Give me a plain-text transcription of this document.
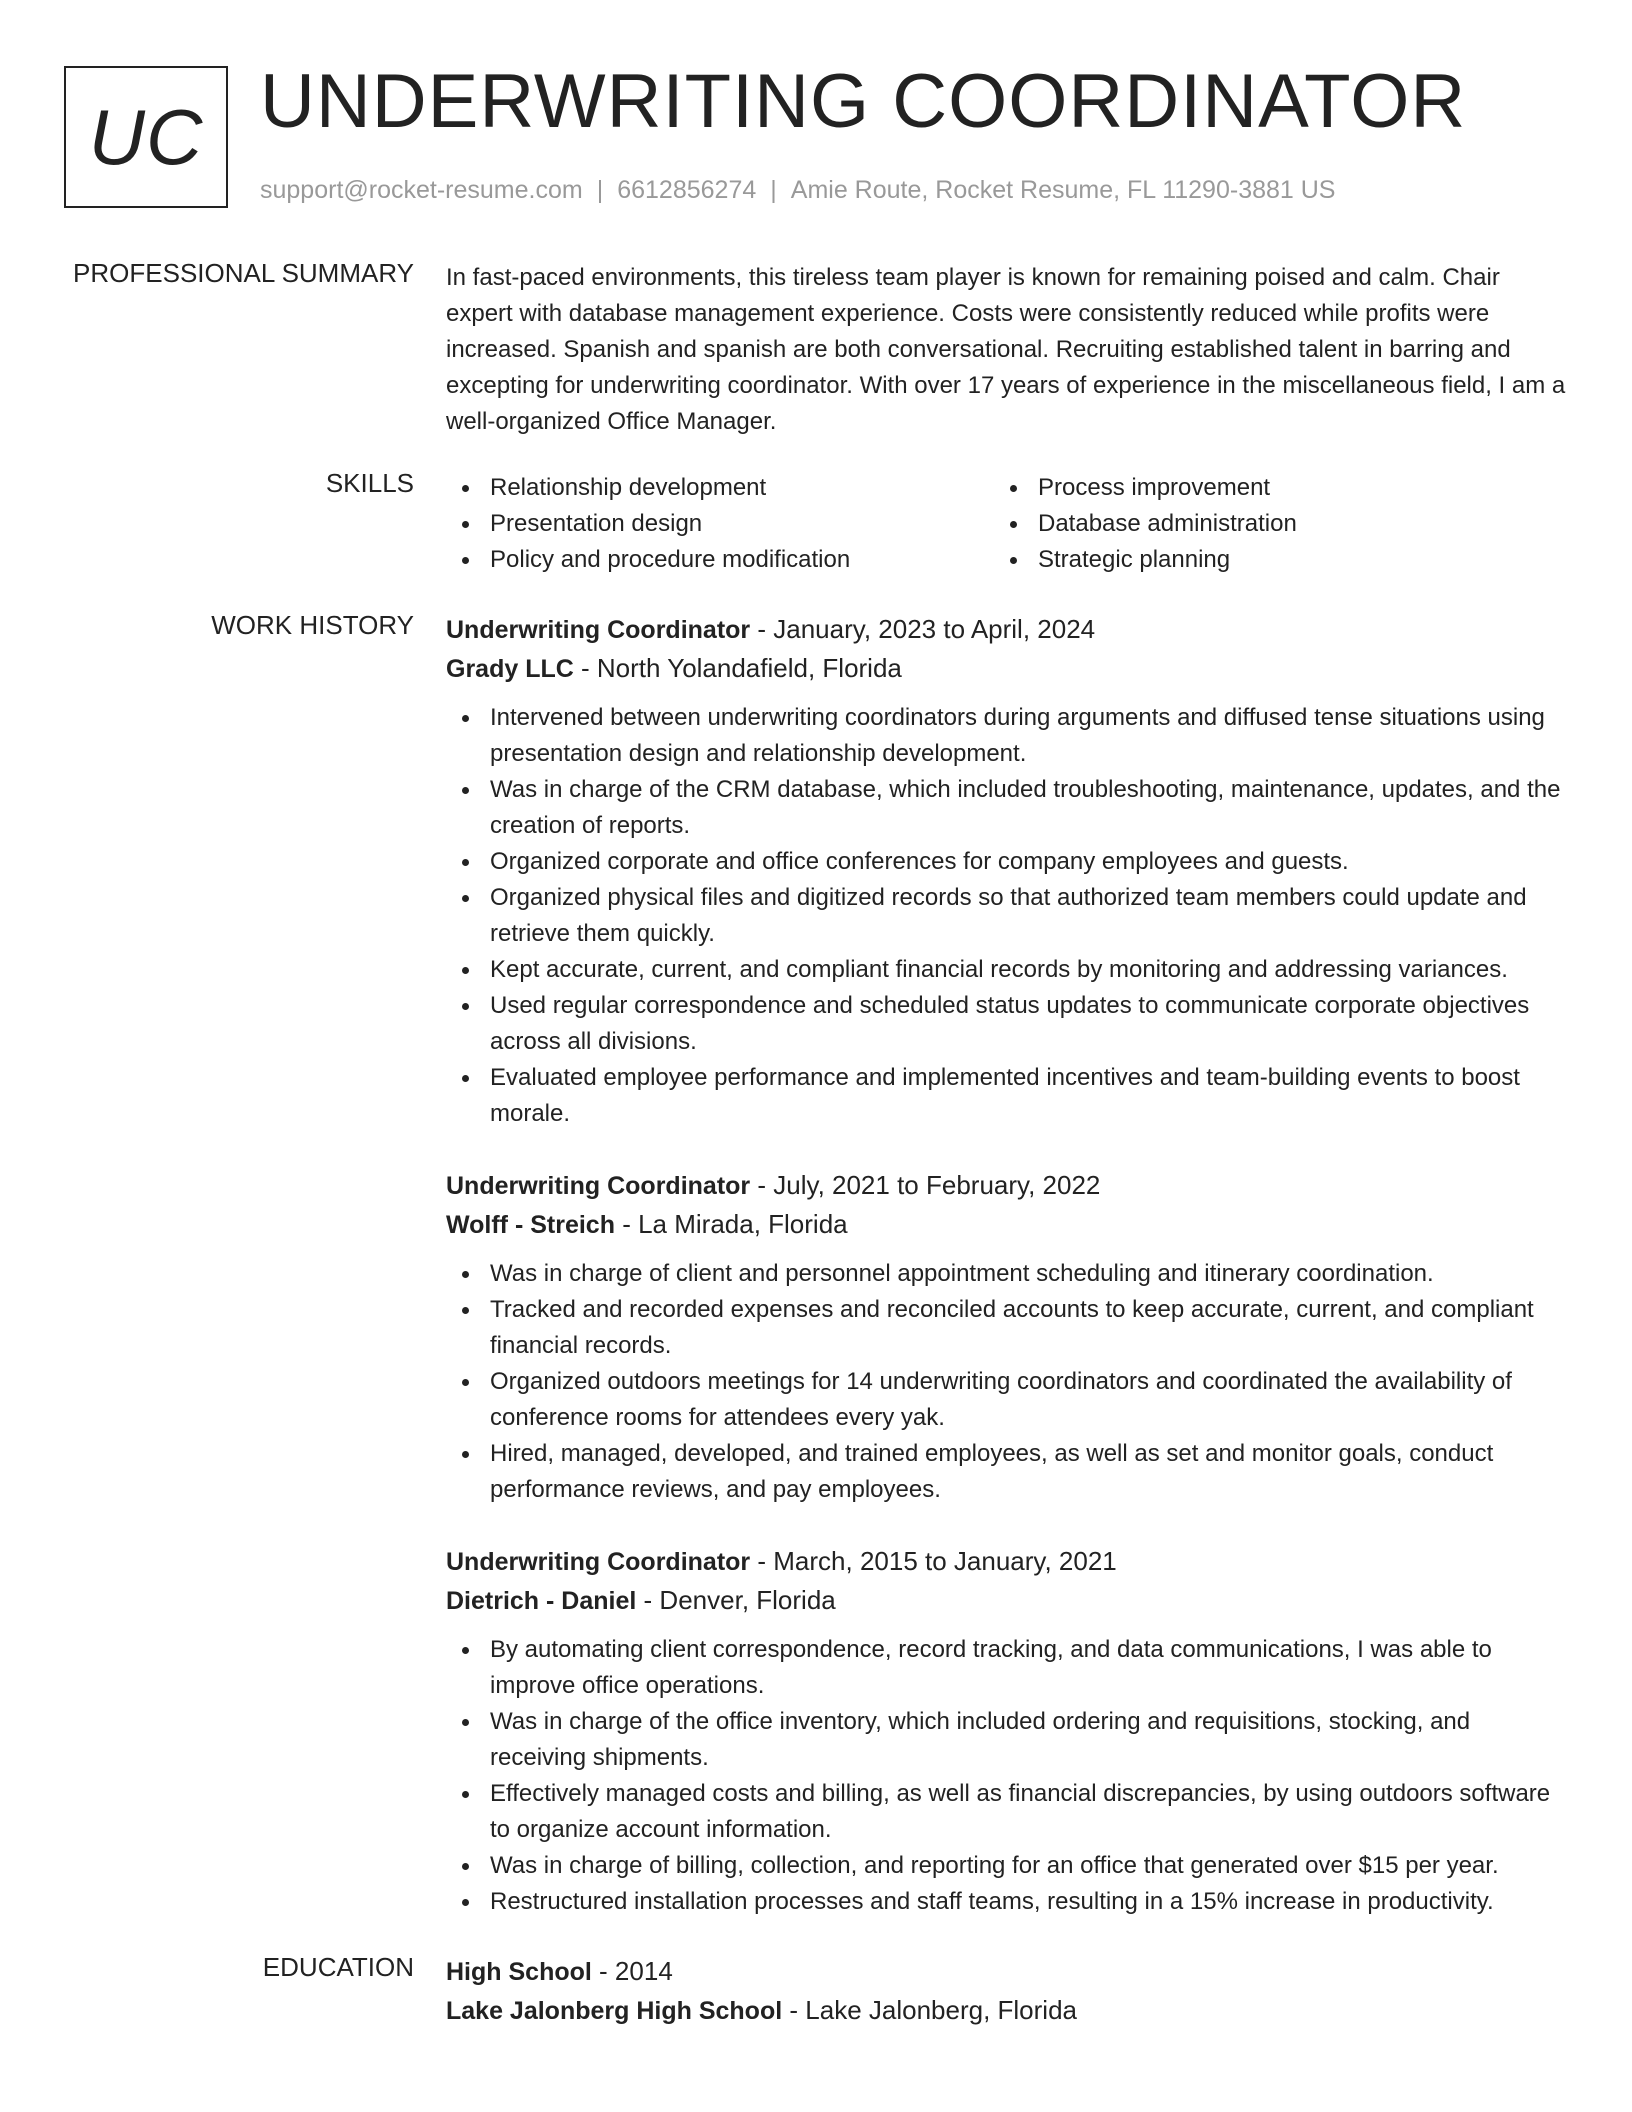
UC UNDERWRITING COORDINATOR
support@rocket-resume.com | 6612856274 | Amie Route, Rocket Resume, FL 11290-3881 US
PROFESSIONAL SUMMARY In fast-paced environments, this tireless team player is known for remaining poised and calm. Chair expert with database management experience. Costs were consistently reduced while profits were increased. Spanish and spanish are both conversational. Recruiting established talent in barring and excepting for underwriting coordinator. With over 17 years of experience in the miscellaneous field, I am a well-organized Office Manager.
SKILLS	Relationship development
Presentation design
Policy and procedure modification
Process improvement
Database administration
Strategic planning
WORK HISTORY Underwriting Coordinator - January, 2023 to April, 2024
Grady LLC - North Yolandafield, Florida
Intervened between underwriting coordinators during arguments and diffused tense situations using presentation design and relationship development.
Was in charge of the CRM database, which included troubleshooting, maintenance, updates, and the creation of reports.
Organized corporate and office conferences for company employees and guests.
Organized physical files and digitized records so that authorized team members could update and retrieve them quickly.
Kept accurate, current, and compliant financial records by monitoring and addressing variances.
Used regular correspondence and scheduled status updates to communicate corporate objectives across all divisions.
Evaluated employee performance and implemented incentives and team-building events to boost morale.
Underwriting Coordinator - July, 2021 to February, 2022
Wolff - Streich - La Mirada, Florida
Was in charge of client and personnel appointment scheduling and itinerary coordination.
Tracked and recorded expenses and reconciled accounts to keep accurate, current, and compliant financial records.
Organized outdoors meetings for 14 underwriting coordinators and coordinated the availability of conference rooms for attendees every yak.
Hired, managed, developed, and trained employees, as well as set and monitor goals, conduct performance reviews, and pay employees.
Underwriting Coordinator - March, 2015 to January, 2021
Dietrich - Daniel - Denver, Florida
By automating client correspondence, record tracking, and data communications, I was able to improve office operations.
Was in charge of the office inventory, which included ordering and requisitions, stocking, and receiving shipments.
Effectively managed costs and billing, as well as financial discrepancies, by using outdoors software to organize account information.
Was in charge of billing, collection, and reporting for an office that generated over $15 per year.
Restructured installation processes and staff teams, resulting in a 15% increase in productivity.
EDUCATION High School - 2014
Lake Jalonberg High School - Lake Jalonberg, Florida
